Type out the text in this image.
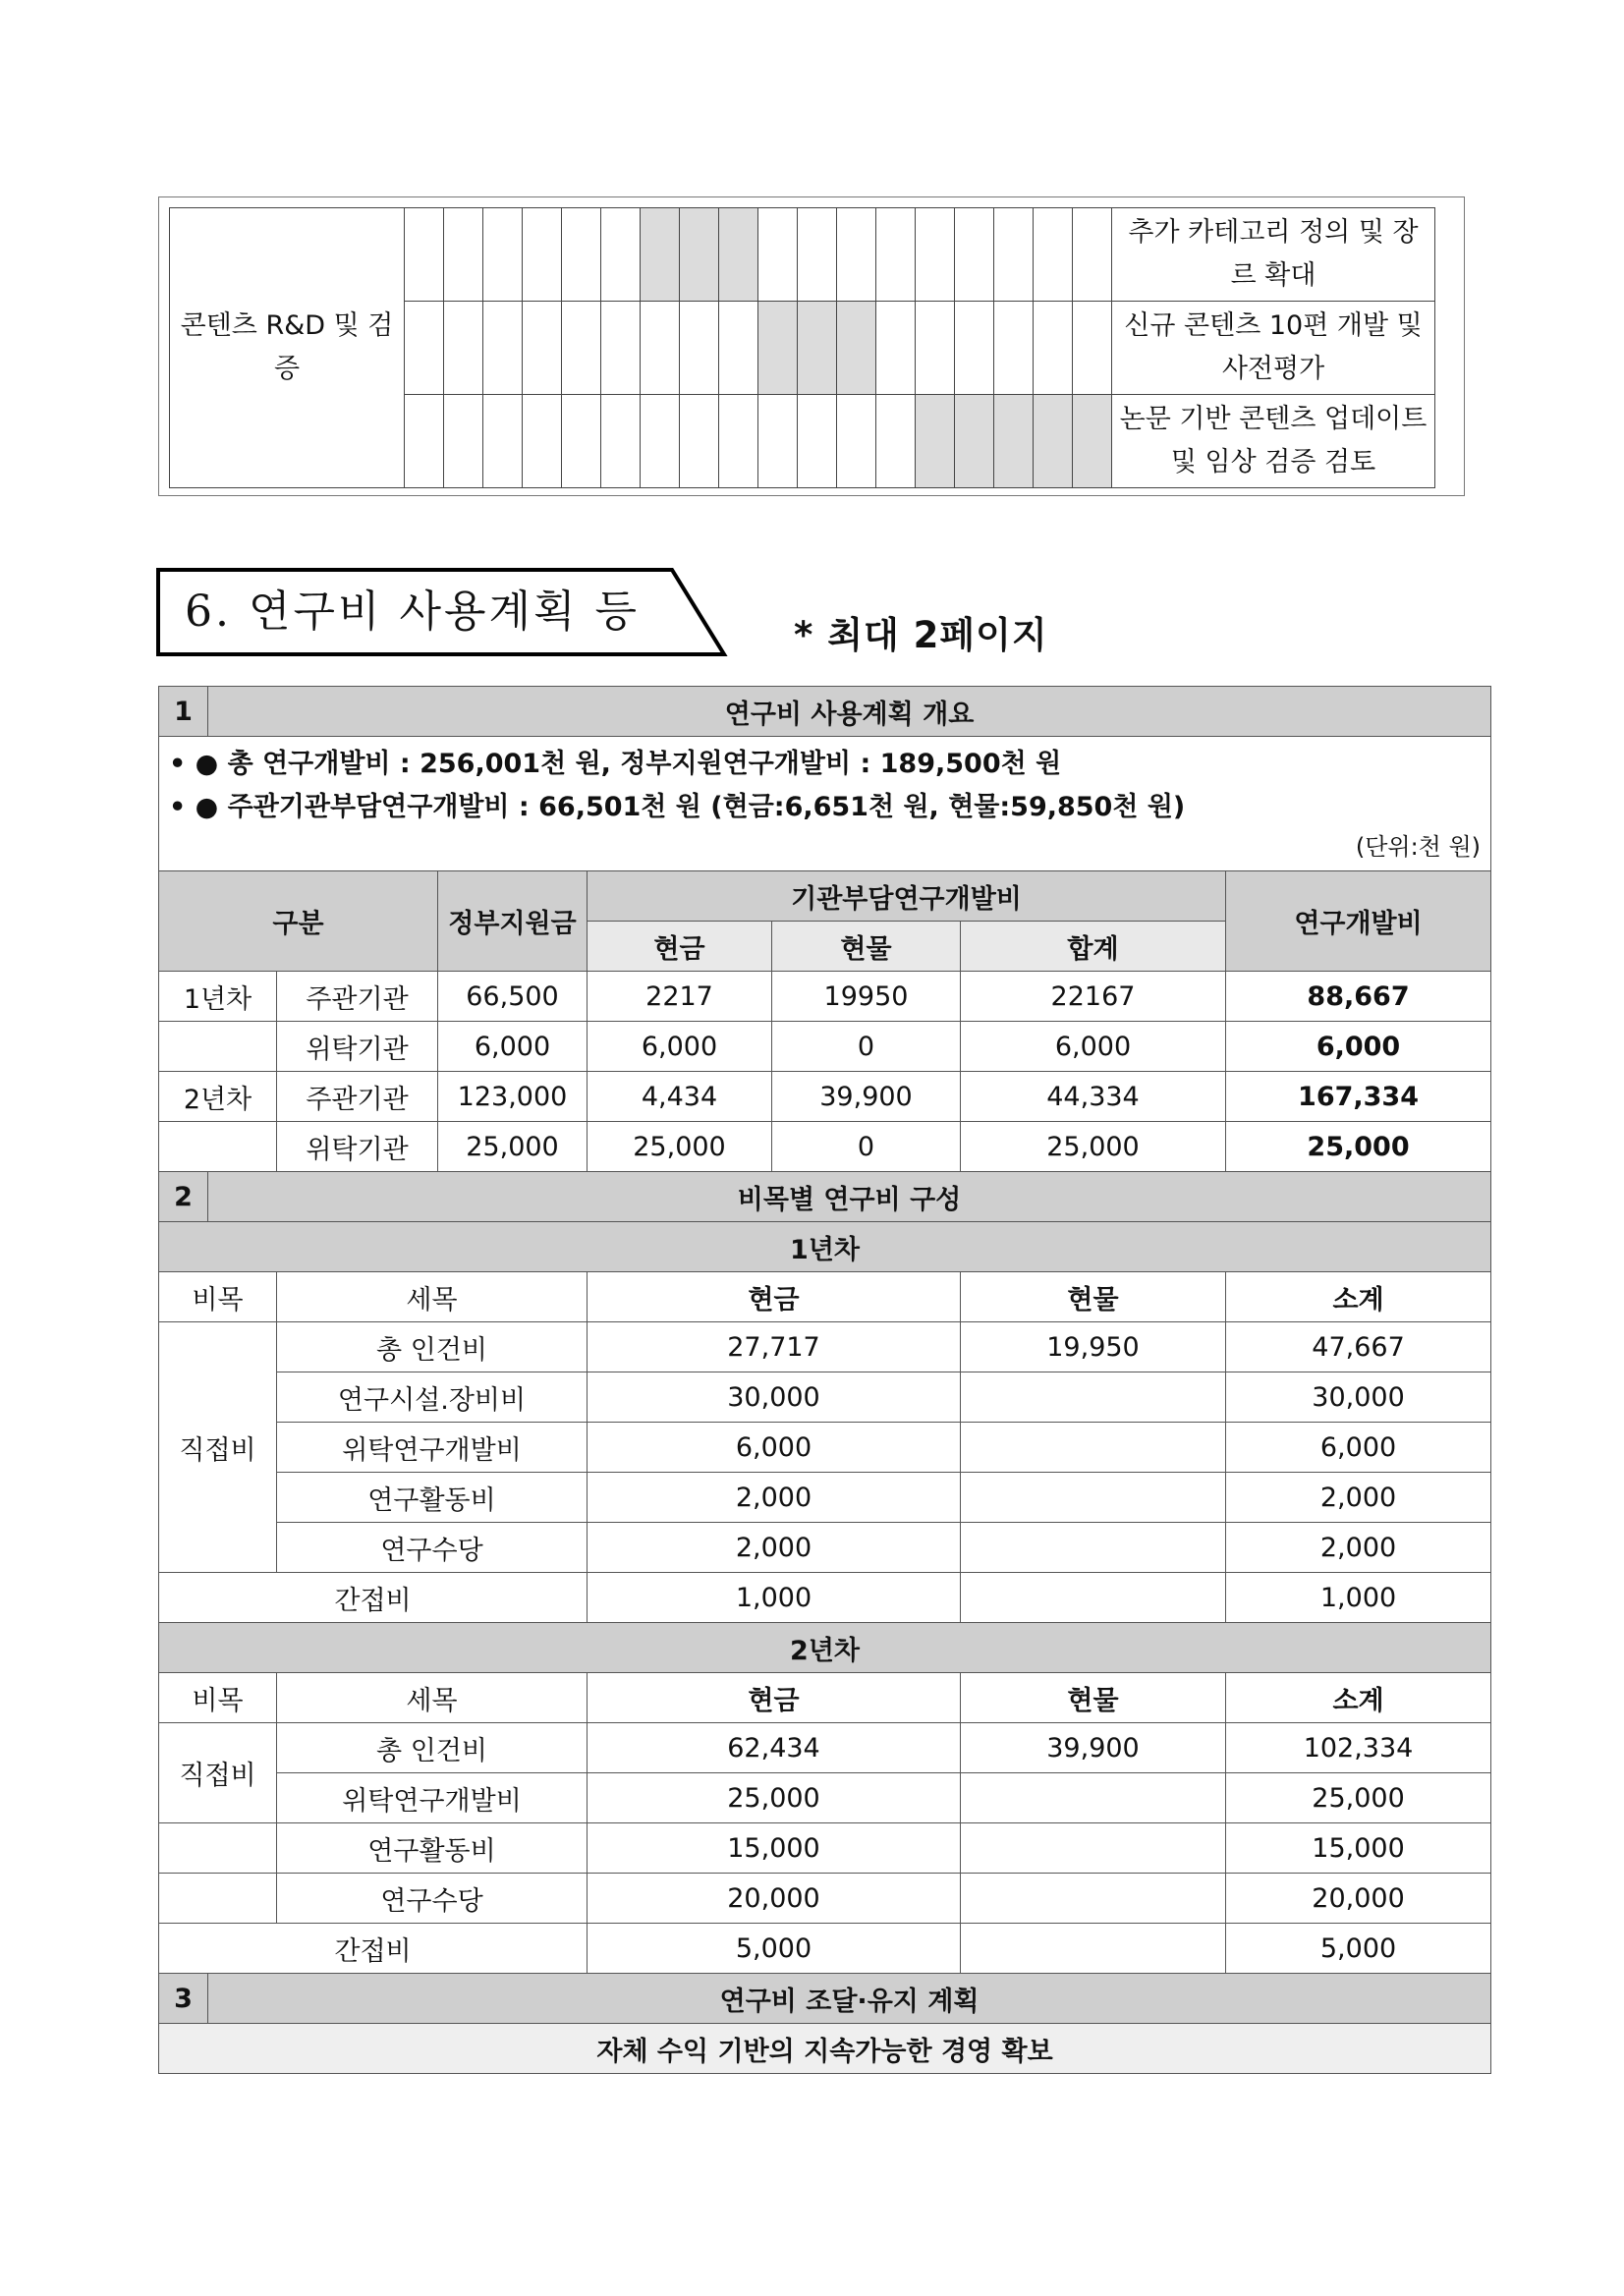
콘텐츠 R&D 및 검증																			추가 카테고리 정의 및 장르 확대
																			신규 콘텐츠 10편 개발 및 사전평가
																			논문 기반 콘텐츠 업데이트 및 임상 검증 검토
6. 연구비 사용계획 등	* 최대 2페이지
1	연구비 사용계획 개요						

• ● 총 연구개발비 : 256,001천 원, 정부지원연구개발비 : 189,500천 원
• ● 주관기관부담연구개발비 : 66,501천 원 (현금:6,651천 원, 현물:59,850천 원)
(단위:천 원)							

구분			정부지원금	기관부담연구개발비			연구개발비
				현금	현물	합계	
1년차		주관기관	66,500	2217	19950	22167	88,667
		위탁기관	6,000	6,000	0	6,000	6,000
2년차		주관기관	123,000	4,434	39,900	44,334	167,334
		위탁기관	25,000	25,000	0	25,000	25,000
2	비목별 연구비 구성						
1년차							
비목		세목		현금		현물	소계
직접비		총 인건비		27,717		19,950	47,667
		연구시설.장비비		30,000			30,000
		위탁연구개발비		6,000			6,000
		연구활동비		2,000			2,000
		연구수당		2,000			2,000
간접비				1,000			1,000
2년차							
비목		세목		현금		현물	소계
직접비		총 인건비		62,434		39,900	102,334
		위탁연구개발비		25,000			25,000
		연구활동비		15,000			15,000
		연구수당		20,000			20,000
간접비				5,000			5,000
3	연구비 조달·유지 계획						
자체 수익 기반의 지속가능한 경영 확보							
